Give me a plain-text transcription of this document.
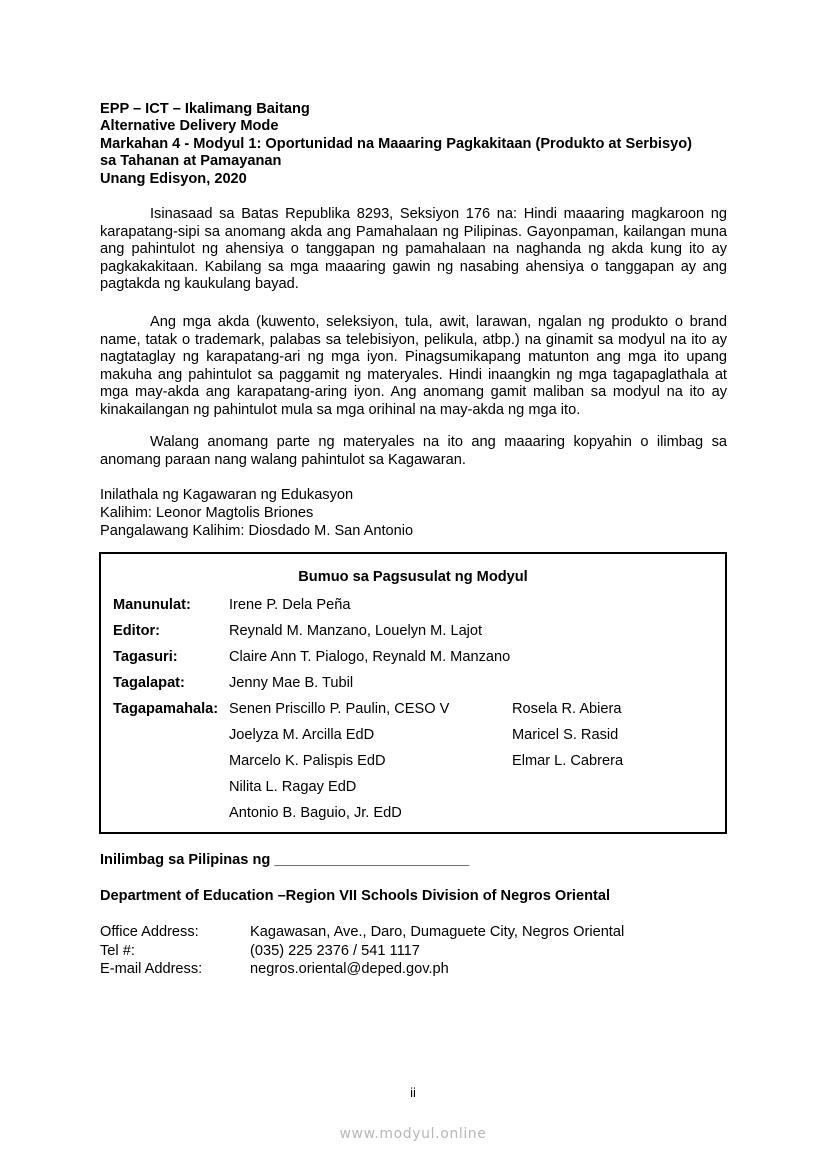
EPP – ICT – Ikalimang Baitang
Alternative Delivery Mode
Markahan 4 - Modyul 1: Oportunidad na Maaaring Pagkakitaan (Produkto at Serbisyo)
sa Tahanan at Pamayanan
Unang Edisyon, 2020
Isinasaad sa Batas Republika 8293, Seksiyon 176 na: Hindi maaaring magkaroon ng karapatang-sipi sa anomang akda ang Pamahalaan ng Pilipinas. Gayonpaman, kailangan muna ang pahintulot ng ahensiya o tanggapan ng pamahalaan na naghanda ng akda kung ito ay pagkakakitaan. Kabilang sa mga maaaring gawin ng nasabing ahensiya o tanggapan ay ang pagtakda ng kaukulang bayad.
Ang mga akda (kuwento, seleksiyon, tula, awit, larawan, ngalan ng produkto o brand name, tatak o trademark, palabas sa telebisiyon, pelikula, atbp.) na ginamit sa modyul na ito ay nagtataglay ng karapatang-ari ng mga iyon. Pinagsumikapang matunton ang mga ito upang makuha ang pahintulot sa paggamit ng materyales. Hindi inaangkin ng mga tagapaglathala at mga may-akda ang karapatang-aring iyon. Ang anomang gamit maliban sa modyul na ito ay kinakailangan ng pahintulot mula sa mga orihinal na may-akda ng mga ito.
Walang anomang parte ng materyales na ito ang maaaring kopyahin o ilimbag sa anomang paraan nang walang pahintulot sa Kagawaran.
Inilathala ng Kagawaran ng Edukasyon
Kalihim: Leonor Magtolis Briones
Pangalawang Kalihim: Diosdado M. San Antonio
Bumuo sa Pagsusulat ng Modyul
Manunulat:	Irene P. Dela Peña
Editor:	Reynald M. Manzano, Louelyn M. Lajot
Tagasuri:	Claire Ann T. Pialogo, Reynald M. Manzano
Tagalapat:	Jenny Mae B. Tubil
Tagapamahala: Senen Priscillo P. Paulin, CESO V	Rosela R. Abiera
Joelyza M. Arcilla EdD	Maricel S. Rasid
Marcelo K. Palispis EdD	Elmar L. Cabrera
Nilita L. Ragay EdD
Antonio B. Baguio, Jr. EdD
Inilimbag sa Pilipinas ng ________________________
Department of Education –Region VII Schools Division of Negros Oriental
Office Address:	Kagawasan, Ave., Daro, Dumaguete City, Negros Oriental
Tel #:	(035) 225 2376 / 541 1117
E-mail Address:	negros.oriental@deped.gov.ph
ii
www.modyul.online
